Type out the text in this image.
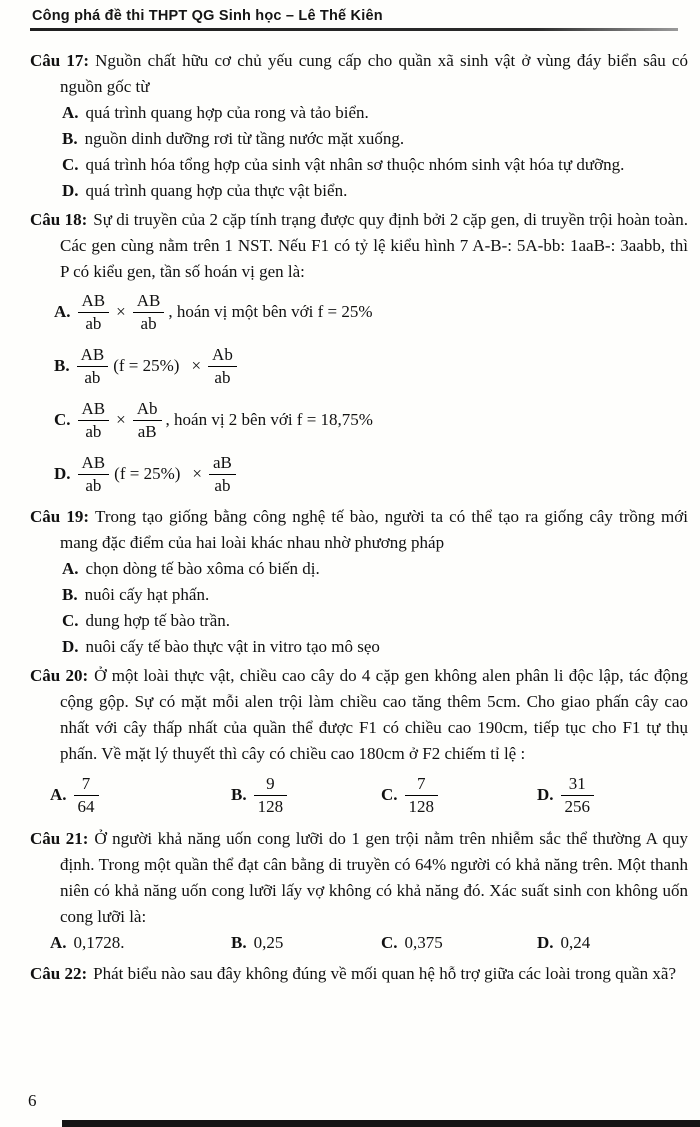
Công phá đề thi THPT QG Sinh học – Lê Thế Kiên

Câu 17: Nguồn chất hữu cơ chủ yếu cung cấp cho quần xã sinh vật ở vùng đáy biển sâu có nguồn gốc từ

A. quá trình quang hợp của rong và tảo biển.

B. nguồn dinh dưỡng rơi từ tầng nước mặt xuống.

C. quá trình hóa tổng hợp của sinh vật nhân sơ thuộc nhóm sinh vật hóa tự dưỡng.

D. quá trình quang hợp của thực vật biển.

Câu 18: Sự di truyền của 2 cặp tính trạng được quy định bởi 2 cặp gen, di truyền trội hoàn toàn. Các gen cùng nằm trên 1 NST. Nếu F1 có tỷ lệ kiểu hình 7 A-B-: 5A-bb: 1aaB-: 3aabb, thì P có kiểu gen, tần số hoán vị gen là:

A. $\frac{AB}{ab} \times \frac{AB}{ab}$ , hoán vị một bên với f = 25%
B. $\frac{AB}{ab} (f = 25\%) \times \frac{Ab}{ab}$
C. $\frac{AB}{ab} \times \frac{Ab}{aB}$ , hoán vị 2 bên với f = 18,75%
D. $\frac{AB}{ab} (f = 25\%) \times \frac{aB}{ab}$

Câu 19: Trong tạo giống bằng công nghệ tế bào, người ta có thể tạo ra giống cây trồng mới mang đặc điểm của hai loài khác nhau nhờ phương pháp

A. chọn dòng tế bào xôma có biến dị.

B. nuôi cấy hạt phấn.

C. dung hợp tế bào trần.

D. nuôi cấy tế bào thực vật in vitro tạo mô sẹo

Câu 20: Ở một loài thực vật, chiều cao cây do 4 cặp gen không alen phân li độc lập, tác động cộng gộp. Sự có mặt mỗi alen trội làm chiều cao tăng thêm 5cm. Cho giao phấn cây cao nhất với cây thấp nhất của quần thể được F1 có chiều cao 190cm, tiếp tục cho F1 tự thụ phấn. Về mặt lý thuyết thì cây có chiều cao 180cm ở F2 chiếm tỉ lệ :

A. $\frac{7}{64}$	B. $\frac{9}{128}$	C. $\frac{7}{128}$	D. $\frac{31}{256}$

Câu 21: Ở người khả năng uốn cong lưỡi do 1 gen trội nằm trên nhiễm sắc thể thường A quy định. Trong một quần thể đạt cân bằng di truyền có 64% người có khả năng trên. Một thanh niên có khả năng uốn cong lưỡi lấy vợ không có khả năng đó. Xác suất sinh con không uốn cong lưỡi là:

A. 0,1728.	B. 0,25	C. 0,375	D. 0,24

Câu 22: Phát biểu nào sau đây không đúng về mối quan hệ hỗ trợ giữa các loài trong quần xã?

6
